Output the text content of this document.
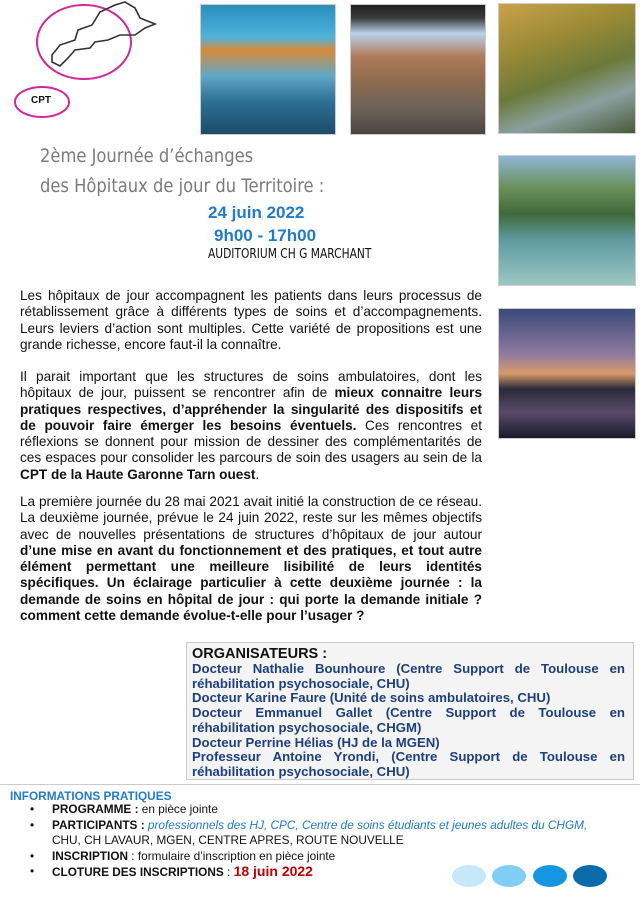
CPT
2ème Journée d’échanges
des Hôpitaux de jour du Territoire :
24 juin 2022
9h00 - 17h00
AUDITORIUM CH G MARCHANT

Les hôpitaux de jour accompagnent les patients dans leurs processus de rétablissement grâce à différents types de soins et d’accompagnements. Leurs leviers d’action sont multiples. Cette variété de propositions est une grande richesse, encore faut-il la connaître.

Il parait important que les structures de soins ambulatoires, dont les hôpitaux de jour, puissent se rencontrer afin de mieux connaitre leurs pratiques respectives, d’appréhender la singularité des dispositifs et de pouvoir faire émerger les besoins éventuels. Ces rencontres et réflexions se donnent pour mission de dessiner des complémentarités de ces espaces pour consolider les parcours de soin des usagers au sein de la CPT de la Haute Garonne Tarn ouest.

La première journée du 28 mai 2021 avait initié la construction de ce réseau. La deuxième journée, prévue le 24 juin 2022, reste sur les mêmes objectifs avec de nouvelles présentations de structures d’hôpitaux de jour autour d’une mise en avant du fonctionnement et des pratiques, et tout autre élément permettant une meilleure lisibilité de leurs identités spécifiques. Un éclairage particulier à cette deuxième journée : la demande de soins en hôpital de jour : qui porte la demande initiale ? comment cette demande évolue-t-elle pour l’usager ?

ORGANISATEURS :
Docteur Nathalie Bounhoure (Centre Support de Toulouse en réhabilitation psychosociale, CHU)
Docteur Karine Faure (Unité de soins ambulatoires, CHU)
Docteur Emmanuel Gallet (Centre Support de Toulouse en réhabilitation psychosociale, CHGM)
Docteur Perrine Hélias (HJ de la MGEN)
Professeur Antoine Yrondi, (Centre Support de Toulouse en réhabilitation psychosociale, CHU)
INFORMATIONS PRATIQUES
• PROGRAMME : en pièce jointe
• PARTICIPANTS : professionnels des HJ, CPC, Centre de soins étudiants et jeunes adultes du CHGM, CHU, CH LAVAUR, MGEN, CENTRE APRES, ROUTE NOUVELLE
• INSCRIPTION : formulaire d’inscription en pièce jointe
• CLOTURE DES INSCRIPTIONS : 18 juin 2022
